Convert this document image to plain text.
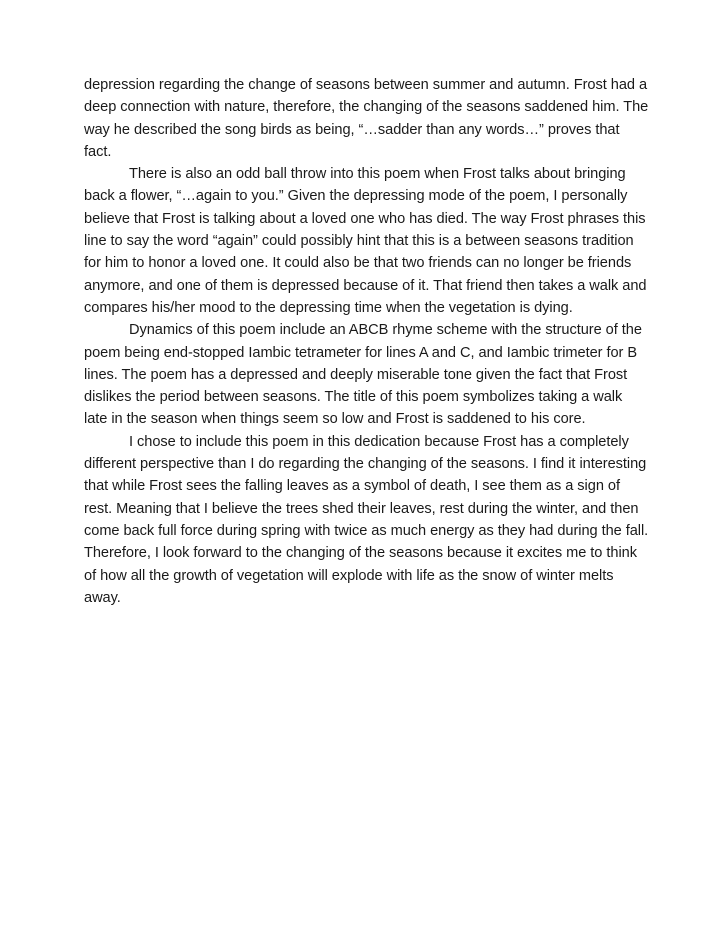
depression regarding the change of seasons between summer and autumn. Frost had a
deep connection with nature, therefore, the changing of the seasons saddened him. The
way he described the song birds as being, “…sadder than any words…” proves that
fact.
There is also an odd ball throw into this poem when Frost talks about bringing
back a flower, “…again to you.” Given the depressing mode of the poem, I personally
believe that Frost is talking about a loved one who has died. The way Frost phrases this
line to say the word “again” could possibly hint that this is a between seasons tradition
for him to honor a loved one. It could also be that two friends can no longer be friends
anymore, and one of them is depressed because of it. That friend then takes a walk and
compares his/her mood to the depressing time when the vegetation is dying.
Dynamics of this poem include an ABCB rhyme scheme with the structure of the
poem being end-stopped Iambic tetrameter for lines A and C, and Iambic trimeter for B
lines. The poem has a depressed and deeply miserable tone given the fact that Frost
dislikes the period between seasons. The title of this poem symbolizes taking a walk
late in the season when things seem so low and Frost is saddened to his core.
I chose to include this poem in this dedication because Frost has a completely
different perspective than I do regarding the changing of the seasons. I find it interesting
that while Frost sees the falling leaves as a symbol of death, I see them as a sign of
rest. Meaning that I believe the trees shed their leaves, rest during the winter, and then
come back full force during spring with twice as much energy as they had during the fall.
Therefore, I look forward to the changing of the seasons because it excites me to think
of how all the growth of vegetation will explode with life as the snow of winter melts
away.
